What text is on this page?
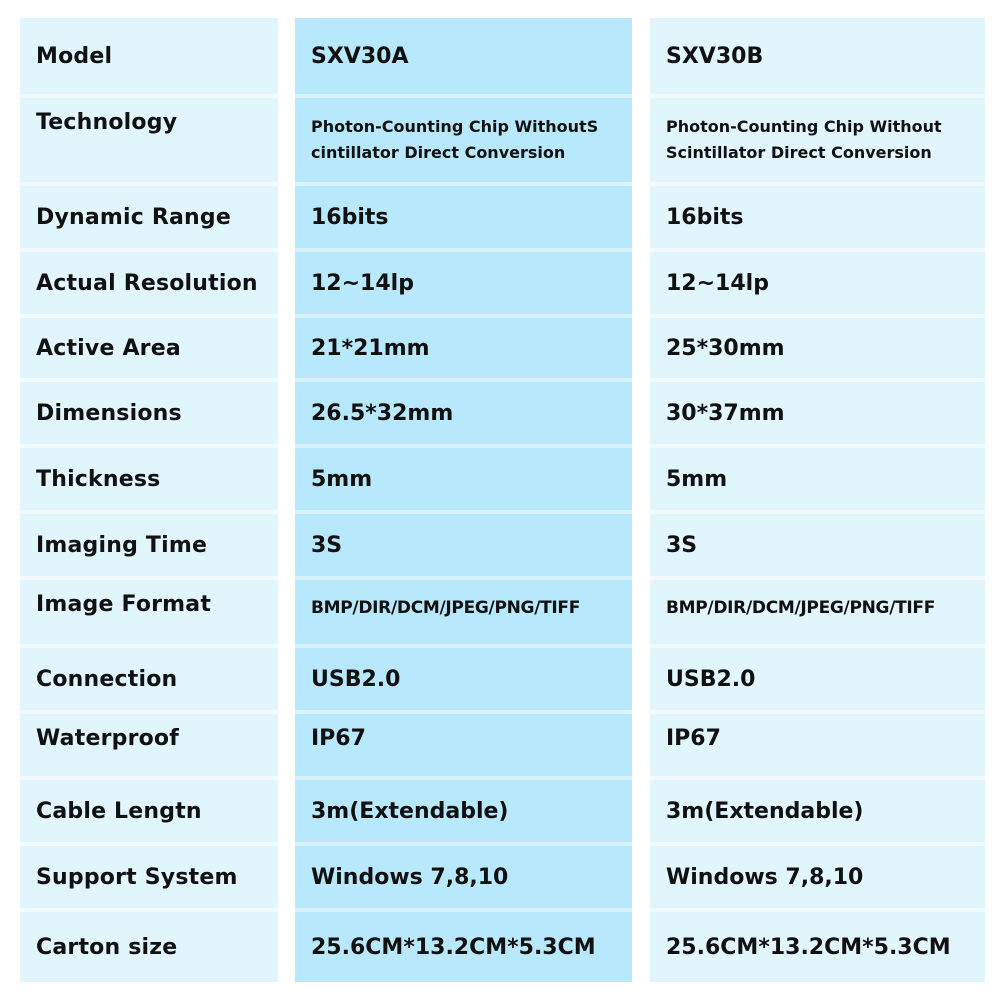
Model
Technology
Dynamic Range
Actual Resolution
Active Area
Dimensions
Thickness
Imaging Time
Image Format
Connection
Waterproof
Cable Lengtn
Support System
Carton size
SXV30A
Photon-Counting Chip WithoutS cintillator Direct Conversion
16bits
12~14lp
21*21mm
26.5*32mm
5mm
3S
BMP/DIR/DCM/JPEG/PNG/TIFF
USB2.0
IP67
3m(Extendable)
Windows 7,8,10
25.6CM*13.2CM*5.3CM
SXV30B
Photon-Counting Chip Without Scintillator Direct Conversion
16bits
12~14lp
25*30mm
30*37mm
5mm
3S
BMP/DIR/DCM/JPEG/PNG/TIFF
USB2.0
IP67
3m(Extendable)
Windows 7,8,10
25.6CM*13.2CM*5.3CM
